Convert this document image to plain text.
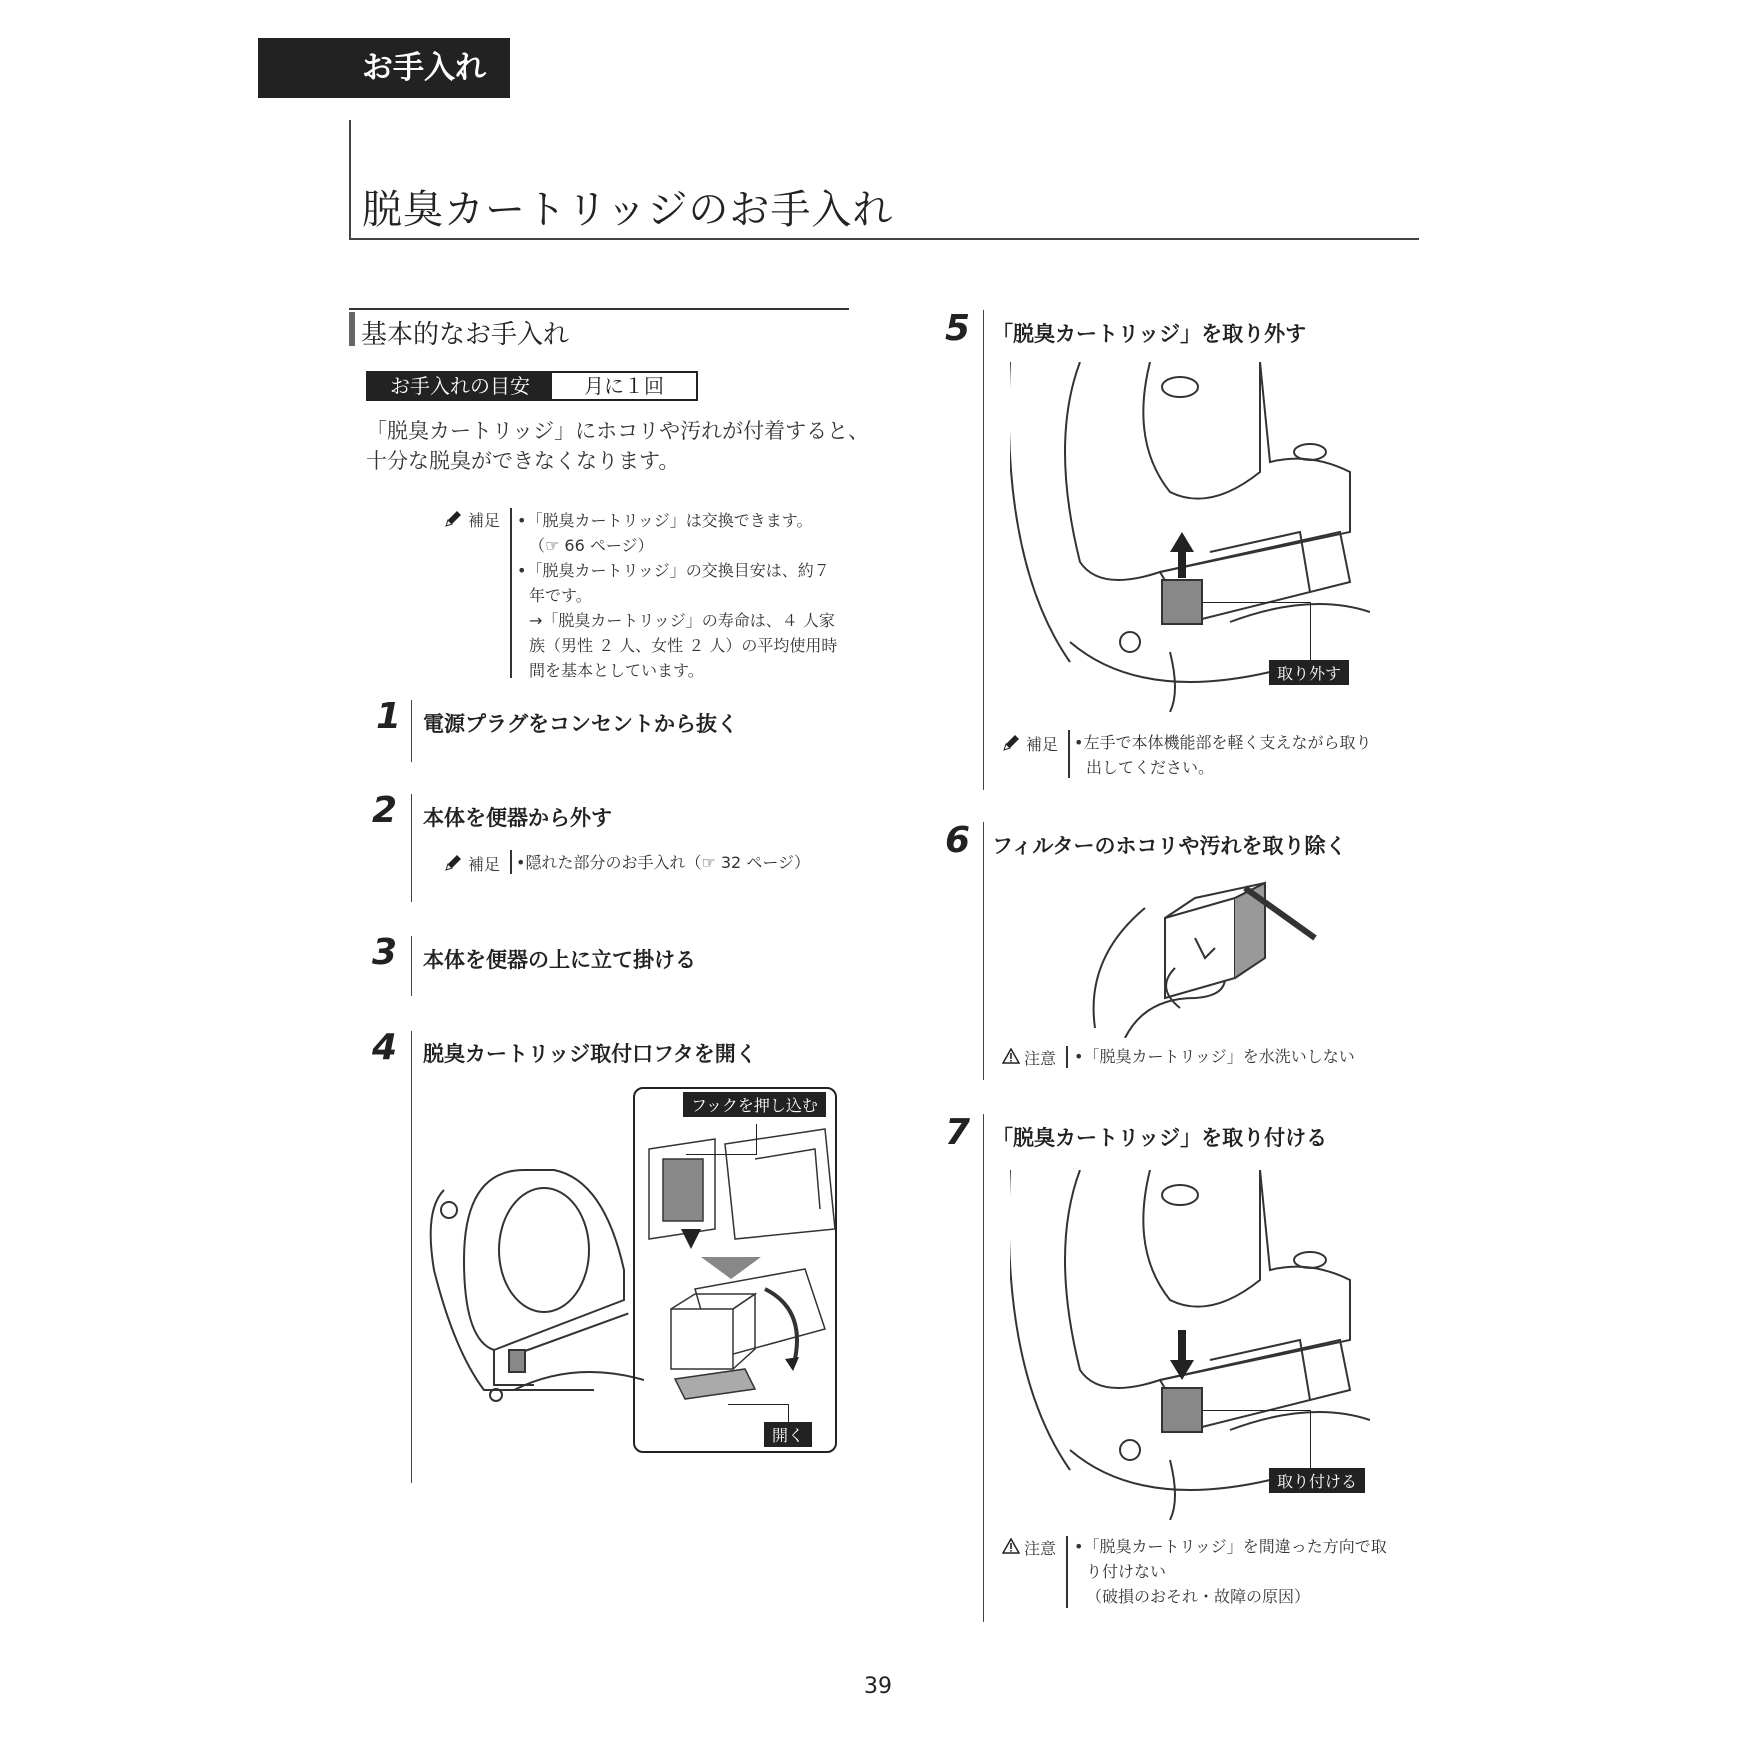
お手入れ
脱臭カートリッジのお手入れ
基本的なお手入れ
お手入れの目安	月に１回
「脱臭カートリッジ」にホコリや汚れが付着すると、
十分な脱臭ができなくなります。
補足 •「脱臭カートリッジ」は交換できます。
（☞ 66 ページ）
•「脱臭カートリッジ」の交換目安は、約７
年です。
→「脱臭カートリッジ」の寿命は、４ 人家
族（男性 ２ 人、女性 ２ 人）の平均使用時
間を基本としています。
1 電源プラグをコンセントから抜く
2 本体を便器から外す
補足 •隠れた部分のお手入れ（☞ 32 ページ）
3 本体を便器の上に立て掛ける
4 脱臭カートリッジ取付口フタを開く
フックを押し込む
開く
5 「脱臭カートリッジ」を取り外す
取り外す
補足 •左手で本体機能部を軽く支えながら取り
出してください。
6 フィルターのホコリや汚れを取り除く
注意 •「脱臭カートリッジ」を水洗いしない
7 「脱臭カートリッジ」を取り付ける
取り付ける
注意 •「脱臭カートリッジ」を間違った方向で取
り付けない
（破損のおそれ・故障の原因）
39
